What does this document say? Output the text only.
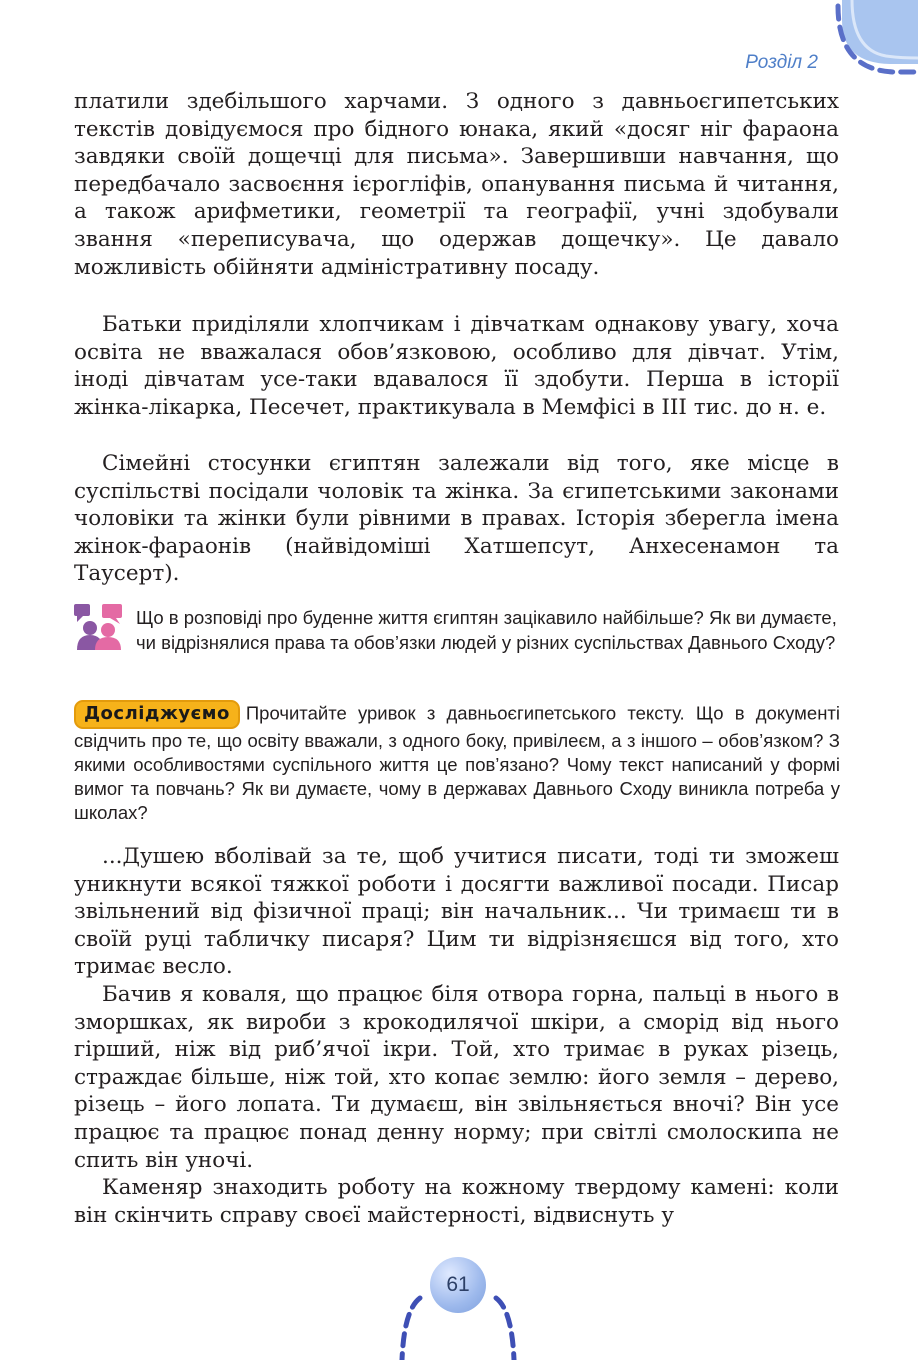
Розділ 2

платили здебільшого харчами. З одного з давньоєгипетських текстів довідуємося про бідного юнака, який «досяг ніг фараона завдяки своїй дощечці для письма». Завершивши навчання, що передбачало засвоєння ієрогліфів, опанування письма й читання, а також арифметики, геометрії та географії, учні здобували звання «переписувача, що одержав дощечку». Це давало можливість обійняти адміністративну посаду.

Батьки приділяли хлопчикам і дівчаткам однакову увагу, хоча освіта не вважалася обов’язковою, особливо для дівчат. Утім, іноді дівчатам усе-таки вдавалося її здобути. Перша в історії жінка-лікарка, Песечет, практикувала в Мемфісі в ІІІ тис. до н. е.

Сімейні стосунки єгиптян залежали від того, яке місце в суспільстві посідали чоловік та жінка. За єгипетськими законами чоловіки та жінки були рівними в правах. Історія зберегла імена жінок-фараонів (найвідоміші Хатшепсут, Анхесенамон та Таусерт).

Що в розповіді про буденне життя єгиптян зацікавило найбільше? Як ви думаєте, чи відрізнялися права та обов’язки людей у різних суспільствах Давнього Сходу?

Досліджуємо Прочитайте уривок з давньоєгипетського тексту. Що в документі свідчить про те, що освіту вважали, з одного боку, привілеєм, а з іншого – обов’язком? З якими особливостями суспільного життя це пов’язано? Чому текст написаний у формі вимог та повчань? Як ви думаєте, чому в державах Давнього Сходу виникла потреба у школах?

...Душею вболівай за те, щоб учитися писати, тоді ти зможеш уникнути всякої тяжкої роботи і досягти важливої посади. Писар звільнений від фізичної праці; він начальник... Чи тримаєш ти в своїй руці табличку писаря? Цим ти відрізняєшся від того, хто тримає весло.

Бачив я коваля, що працює біля отвора горна, пальці в нього в зморшках, як вироби з крокодилячої шкіри, а сморід від нього гірший, ніж від риб’ячої ікри. Той, хто тримає в руках різець, страждає більше, ніж той, хто копає землю: його земля – дерево, різець – його лопата. Ти думаєш, він звільняється вночі? Він усе працює та працює понад денну норму; при світлі смолоскипа не спить він уночі.

Каменяр знаходить роботу на кожному твердому камені: коли він скінчить справу своєї майстерності, відвиснуть у

61
